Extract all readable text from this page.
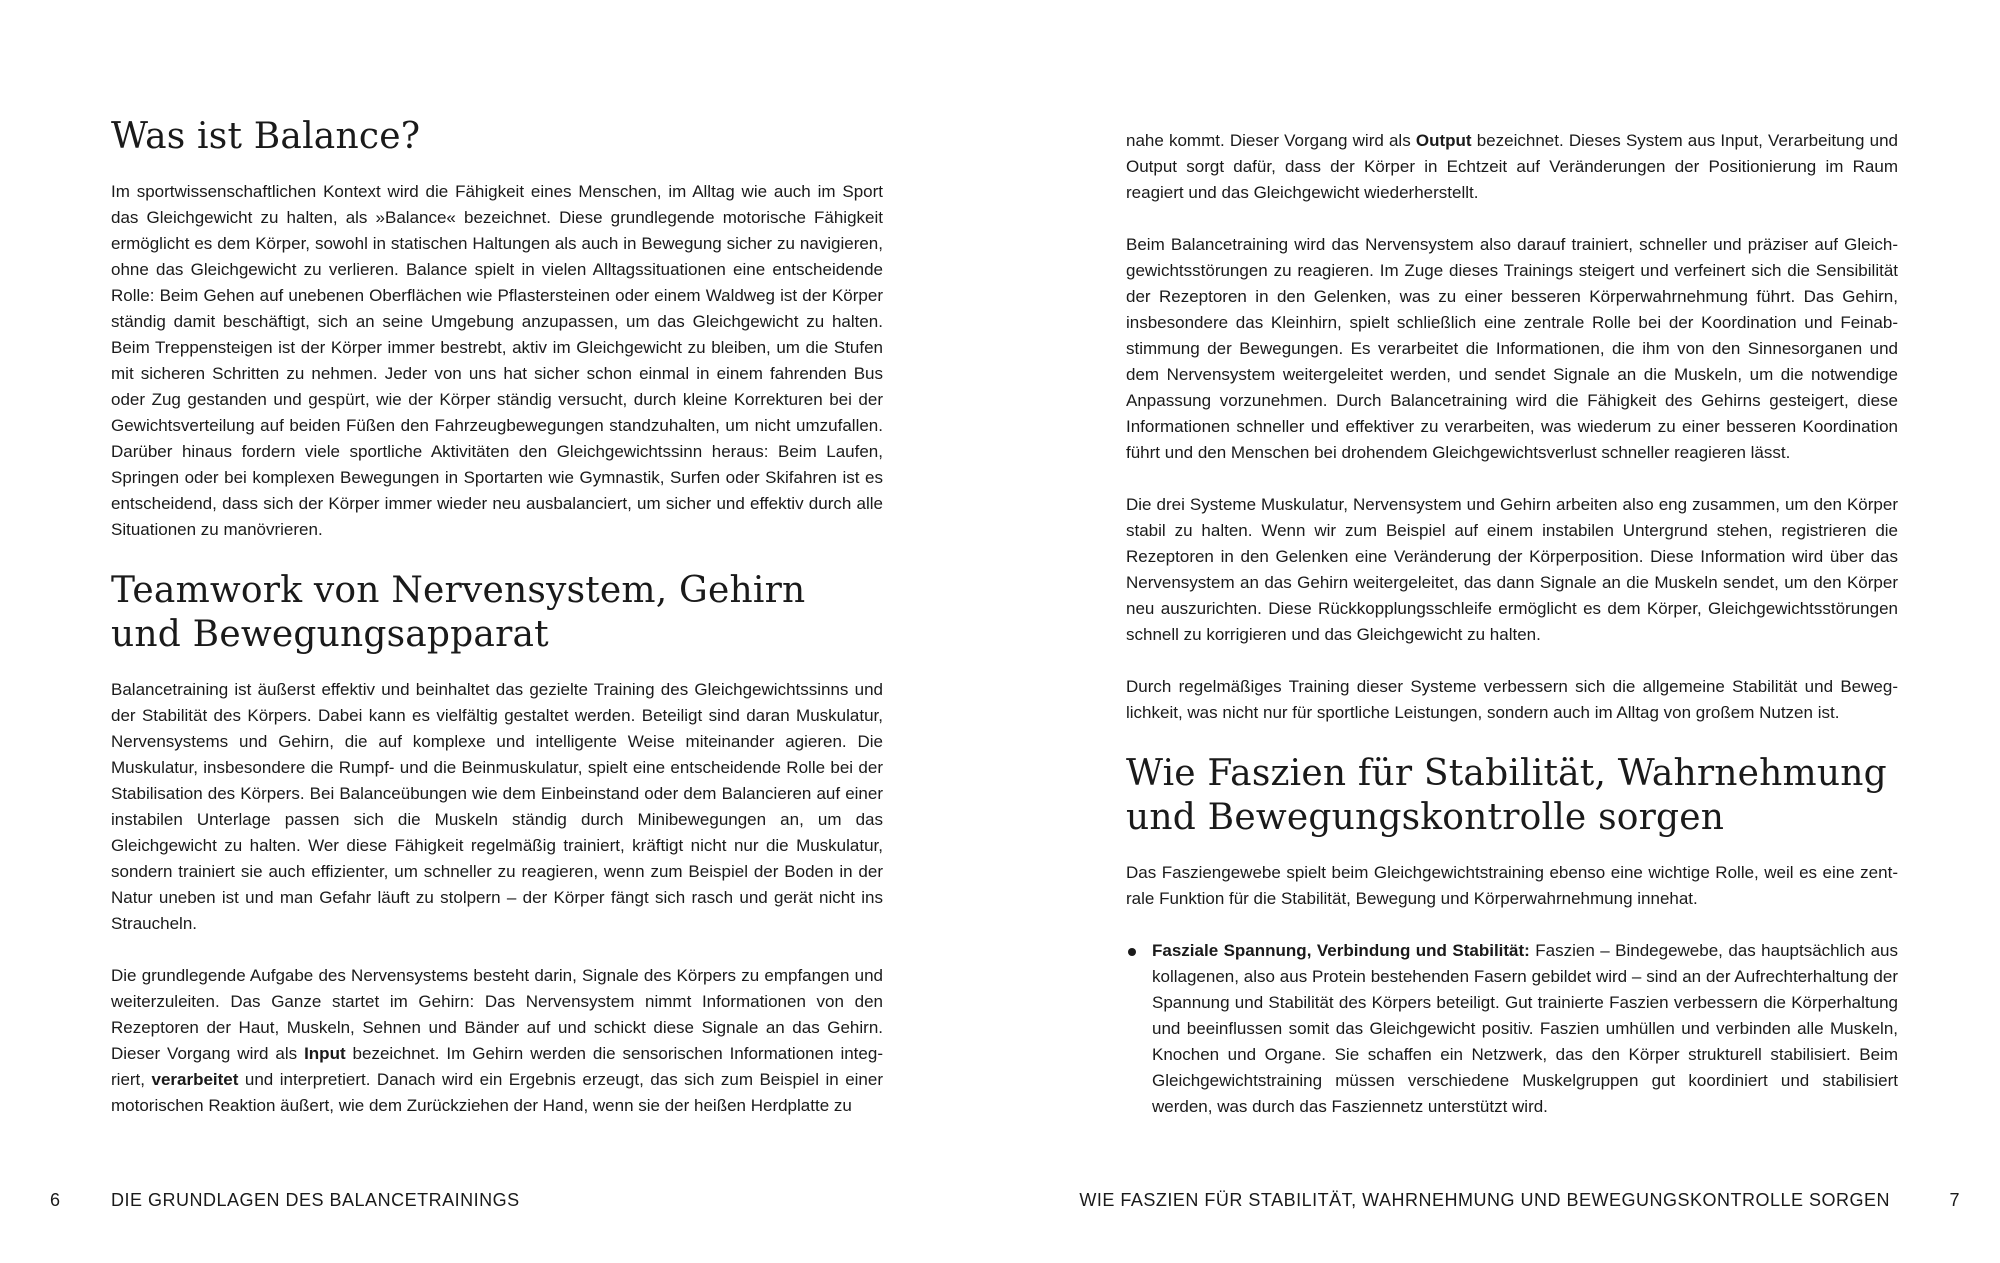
Was ist Balance?

Im sportwissenschaftlichen Kontext wird die Fähigkeit eines Menschen, im Alltag wie auch im Sport das Gleichgewicht zu halten, als »Balance« bezeichnet. Diese grundlegende motorische Fähigkeit ermöglicht es dem Körper, sowohl in statischen Haltungen als auch in Bewegung sicher zu navigieren, ohne das Gleichgewicht zu verlieren. Balance spielt in vielen Alltagssituationen eine entscheidende Rolle: Beim Gehen auf unebenen Oberflächen wie Pflastersteinen oder einem Waldweg ist der Körper ständig damit beschäftigt, sich an seine Umgebung anzupassen, um das Gleichgewicht zu halten. Beim Treppensteigen ist der Körper immer bestrebt, aktiv im Gleichgewicht zu bleiben, um die Stufen mit sicheren Schritten zu nehmen. Jeder von uns hat sicher schon einmal in einem fahrenden Bus oder Zug gestanden und gespürt, wie der Körper ständig versucht, durch kleine Korrekturen bei der Gewichtsverteilung auf beiden Füßen den Fahrzeugbewegungen standzuhalten, um nicht umzufallen. Darüber hinaus fordern viele sportliche Aktivitäten den Gleichgewichtssinn heraus: Beim Laufen, Springen oder bei komplexen Bewegungen in Sportarten wie Gymnastik, Surfen oder Skifahren ist es entscheidend, dass sich der Körper immer wieder neu ausbalanciert, um sicher und effektiv durch alle Situationen zu manövrieren.

Teamwork von Nervensystem, Gehirn und Bewegungsapparat

Balancetraining ist äußerst effektiv und beinhaltet das gezielte Training des Gleichgewichtssinns und der Stabilität des Körpers. Dabei kann es vielfältig gestaltet werden. Beteiligt sind daran Muskulatur, Nervensystems und Gehirn, die auf komplexe und intelligente Weise miteinander agieren. Die Muskulatur, insbesondere die Rumpf- und die Beinmuskulatur, spielt eine entscheidende Rolle bei der Stabilisation des Körpers. Bei Balanceübungen wie dem Einbeinstand oder dem Balancieren auf einer instabilen Unterlage passen sich die Muskeln ständig durch Minibewegungen an, um das Gleichgewicht zu halten. Wer diese Fähigkeit regelmäßig trainiert, kräftigt nicht nur die Muskulatur, sondern trainiert sie auch effizienter, um schneller zu reagieren, wenn zum Beispiel der Boden in der Natur uneben ist und man Gefahr läuft zu stolpern – der Körper fängt sich rasch und gerät nicht ins Straucheln.

Die grundlegende Aufgabe des Nervensystems besteht darin, Signale des Körpers zu empfangen und weiterzuleiten. Das Ganze startet im Gehirn: Das Nervensystem nimmt Informationen von den Rezeptoren der Haut, Muskeln, Sehnen und Bänder auf und schickt diese Signale an das Gehirn. Dieser Vorgang wird als Input bezeichnet. Im Gehirn werden die sensorischen Informationen integriert, verarbeitet und interpretiert. Danach wird ein Ergebnis erzeugt, das sich zum Beispiel in einer motorischen Reaktion äußert, wie dem Zurückziehen der Hand, wenn sie der heißen Herdplatte zu

nahe kommt. Dieser Vorgang wird als Output bezeichnet. Dieses System aus Input, Verarbeitung und Output sorgt dafür, dass der Körper in Echtzeit auf Veränderungen der Positionierung im Raum reagiert und das Gleichgewicht wiederherstellt.

Beim Balancetraining wird das Nervensystem also darauf trainiert, schneller und präziser auf Gleichgewichtsstörungen zu reagieren. Im Zuge dieses Trainings steigert und verfeinert sich die Sensibilität der Rezeptoren in den Gelenken, was zu einer besseren Körperwahrnehmung führt. Das Gehirn, insbesondere das Kleinhirn, spielt schließlich eine zentrale Rolle bei der Koordination und Feinabstimmung der Bewegungen. Es verarbeitet die Informationen, die ihm von den Sinnesorganen und dem Nervensystem weitergeleitet werden, und sendet Signale an die Muskeln, um die notwendige Anpassung vorzunehmen. Durch Balancetraining wird die Fähigkeit des Gehirns gesteigert, diese Informationen schneller und effektiver zu verarbeiten, was wiederum zu einer besseren Koordination führt und den Menschen bei drohendem Gleichgewichtsverlust schneller reagieren lässt.

Die drei Systeme Muskulatur, Nervensystem und Gehirn arbeiten also eng zusammen, um den Körper stabil zu halten. Wenn wir zum Beispiel auf einem instabilen Untergrund stehen, registrieren die Rezeptoren in den Gelenken eine Veränderung der Körperposition. Diese Information wird über das Nervensystem an das Gehirn weitergeleitet, das dann Signale an die Muskeln sendet, um den Körper neu auszurichten. Diese Rückkopplungsschleife ermöglicht es dem Körper, Gleichgewichtsstörungen schnell zu korrigieren und das Gleichgewicht zu halten.

Durch regelmäßiges Training dieser Systeme verbessern sich die allgemeine Stabilität und Beweglichkeit, was nicht nur für sportliche Leistungen, sondern auch im Alltag von großem Nutzen ist.

Wie Faszien für Stabilität, Wahrnehmung und Bewegungskontrolle sorgen

Das Fasziengewebe spielt beim Gleichgewichtstraining ebenso eine wichtige Rolle, weil es eine zentrale Funktion für die Stabilität, Bewegung und Körperwahrnehmung innehat.

Fasziale Spannung, Verbindung und Stabilität: Faszien – Bindegewebe, das hauptsächlich aus kollagenen, also aus Protein bestehenden Fasern gebildet wird – sind an der Aufrechterhaltung der Spannung und Stabilität des Körpers beteiligt. Gut trainierte Faszien verbessern die Körperhaltung und beeinflussen somit das Gleichgewicht positiv. Faszien umhüllen und verbinden alle Muskeln, Knochen und Organe. Sie schaffen ein Netzwerk, das den Körper strukturell stabilisiert. Beim Gleichgewichtstraining müssen verschiedene Muskelgruppen gut koordiniert und stabilisiert werden, was durch das Fasziennetz unterstützt wird.

6	DIE GRUNDLAGEN DES BALANCETRAININGS	WIE FASZIEN FÜR STABILITÄT, WAHRNEHMUNG UND BEWEGUNGSKONTROLLE SORGEN	7
